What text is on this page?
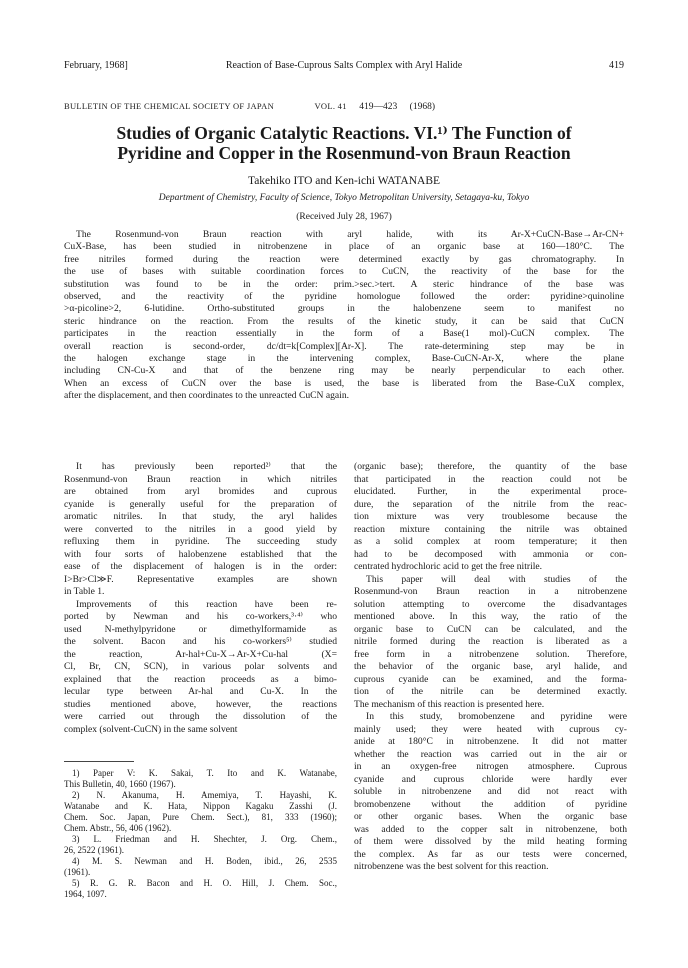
February, 1968]	Reaction of Base-Cuprous Salts Complex with Aryl Halide	419
BULLETIN OF THE CHEMICAL SOCIETY OF JAPAN	VOL. 41 419—423 (1968)
Studies of Organic Catalytic Reactions. VI.¹⁾ The Function of
Pyridine and Copper in the Rosenmund-von Braun Reaction
Takehiko ITO and Ken-ichi WATANABE
Department of Chemistry, Faculty of Science, Tokyo Metropolitan University, Setagaya-ku, Tokyo
(Received July 28, 1967)
The Rosenmund-von Braun reaction with aryl halide, with its Ar-X+CuCN-Base→Ar-CN+
CuX-Base, has been studied in nitrobenzene in place of an organic base at 160—180°C. The
free nitriles formed during the reaction were determined exactly by gas chromatography. In
the use of bases with suitable coordination forces to CuCN, the reactivity of the base for the
substitution was found to be in the order: prim.>sec.>tert. A steric hindrance of the base was
observed, and the reactivity of the pyridine homologue followed the order: pyridine>quinoline
>α-picoline>2, 6-lutidine. Ortho-substituted groups in the halobenzene seem to manifest no
steric hindrance on the reaction. From the results of the kinetic study, it can be said that CuCN
participates in the reaction essentially in the form of a Base(1 mol)-CuCN complex. The
overall reaction is second-order, dc/dt=k[Complex][Ar-X]. The rate-determining step may be in
the halogen exchange stage in the intervening complex, Base-CuCN-Ar-X, where the plane
including CN-Cu-X and that of the benzene ring may be nearly perpendicular to each other.
When an excess of CuCN over the base is used, the base is liberated from the Base-CuX complex,
after the displacement, and then coordinates to the unreacted CuCN again.
It has previously been reported²⁾ that the
Rosenmund-von Braun reaction in which nitriles
are obtained from aryl bromides and cuprous
cyanide is generally useful for the preparation of
aromatic nitriles. In that study, the aryl halides
were converted to the nitriles in a good yield by
refluxing them in pyridine. The succeeding study
with four sorts of halobenzene established that the
ease of the displacement of halogen is in the order:
I>Br>Cl≫F. Representative examples are shown
in Table 1.
Improvements of this reaction have been re-
ported by Newman and his co-workers,³·⁴⁾ who
used N-methylpyridone or dimethylformamide as
the solvent. Bacon and his co-workers⁵⁾ studied
the reaction, Ar-hal+Cu-X→Ar-X+Cu-hal (X=
Cl, Br, CN, SCN), in various polar solvents and
explained that the reaction proceeds as a bimo-
lecular type between Ar-hal and Cu-X. In the
studies mentioned above, however, the reactions
were carried out through the dissolution of the
complex (solvent-CuCN) in the same solvent
1) Paper V: K. Sakai, T. Ito and K. Watanabe,
This Bulletin, 40, 1660 (1967).
2) N. Akanuma, H. Amemiya, T. Hayashi, K.
Watanabe and K. Hata, Nippon Kagaku Zasshi (J.
Chem. Soc. Japan, Pure Chem. Sect.), 81, 333 (1960);
Chem. Abstr., 56, 406 (1962).
3) L. Friedman and H. Shechter, J. Org. Chem.,
26, 2522 (1961).
4) M. S. Newman and H. Boden, ibid., 26, 2535
(1961).
5) R. G. R. Bacon and H. O. Hill, J. Chem. Soc.,
1964, 1097.
(organic base); therefore, the quantity of the base
that participated in the reaction could not be
elucidated. Further, in the experimental proce-
dure, the separation of the nitrile from the reac-
tion mixture was very troublesome because the
reaction mixture containing the nitrile was obtained
as a solid complex at room temperature; it then
had to be decomposed with ammonia or con-
centrated hydrochloric acid to get the free nitrile.
This paper will deal with studies of the
Rosenmund-von Braun reaction in a nitrobenzene
solution attempting to overcome the disadvantages
mentioned above. In this way, the ratio of the
organic base to CuCN can be calculated, and the
nitrile formed during the reaction is liberated as a
free form in a nitrobenzene solution. Therefore,
the behavior of the organic base, aryl halide, and
cuprous cyanide can be examined, and the forma-
tion of the nitrile can be determined exactly.
The mechanism of this reaction is presented here.
In this study, bromobenzene and pyridine were
mainly used; they were heated with cuprous cy-
anide at 180°C in nitrobenzene. It did not matter
whether the reaction was carried out in the air or
in an oxygen-free nitrogen atmosphere. Cuprous
cyanide and cuprous chloride were hardly ever
soluble in nitrobenzene and did not react with
bromobenzene without the addition of pyridine
or other organic bases. When the organic base
was added to the copper salt in nitrobenzene, both
of them were dissolved by the mild heating forming
the complex. As far as our tests were concerned,
nitrobenzene was the best solvent for this reaction.
